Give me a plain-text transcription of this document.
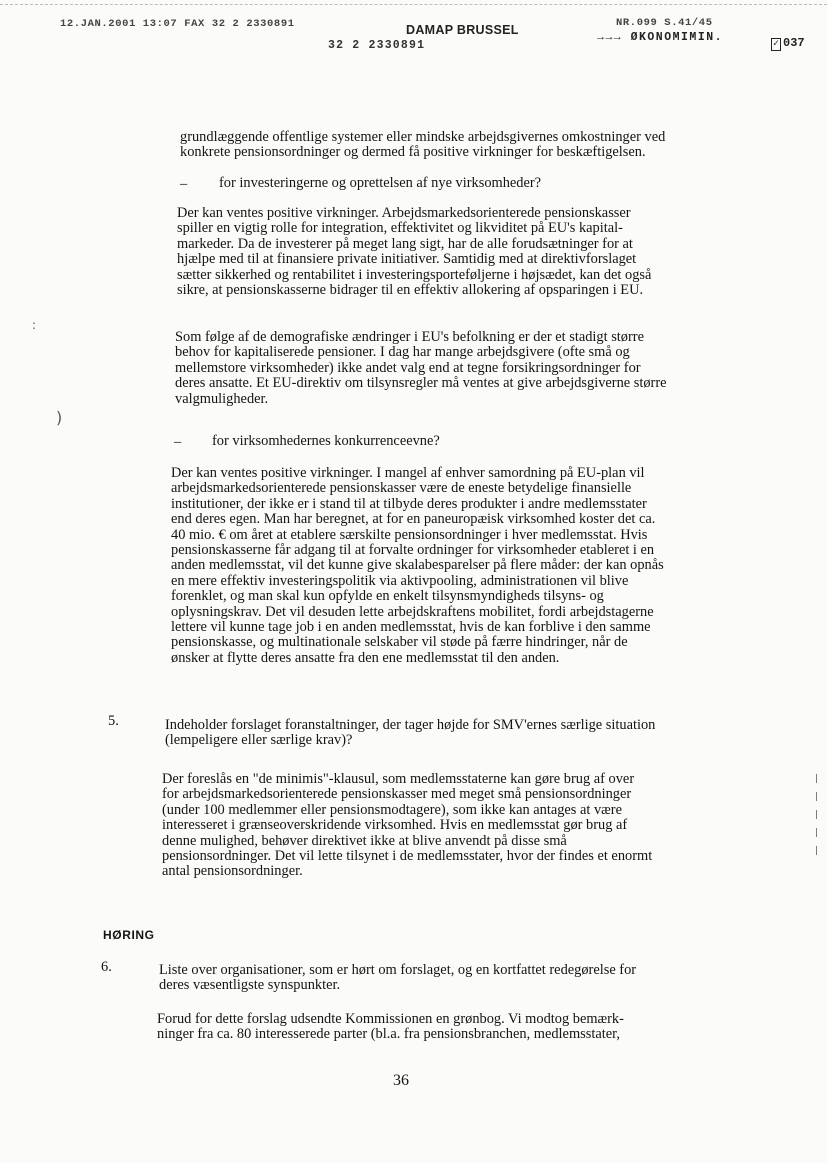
12.JAN.2001 13:07 FAX 32 2 2330891	DAMAP BRUSSEL	NR.099 S.41/45
→→→ ØKONOMIMIN.
32 2 2330891	✓ 037
grundlæggende offentlige systemer eller mindske arbejdsgivernes omkostninger ved
konkrete pensionsordninger og dermed få positive virkninger for beskæftigelsen.
– for investeringerne og oprettelsen af nye virksomheder?
Der kan ventes positive virkninger. Arbejdsmarkedsorienterede pensionskasser
spiller en vigtig rolle for integration, effektivitet og likviditet på EU's kapital-
markeder. Da de investerer på meget lang sigt, har de alle forudsætninger for at
hjælpe med til at finansiere private initiativer. Samtidig med at direktivforslaget
sætter sikkerhed og rentabilitet i investeringsporteføljerne i højsædet, kan det også
sikre, at pensionskasserne bidrager til en effektiv allokering af opsparingen i EU.
Som følge af de demografiske ændringer i EU's befolkning er der et stadigt større
behov for kapitaliserede pensioner. I dag har mange arbejdsgivere (ofte små og
mellemstore virksomheder) ikke andet valg end at tegne forsikringsordninger for
deres ansatte. Et EU-direktiv om tilsynsregler må ventes at give arbejdsgiverne større
valgmuligheder.
– for virksomhedernes konkurrenceevne?
Der kan ventes positive virkninger. I mangel af enhver samordning på EU-plan vil
arbejdsmarkedsorienterede pensionskasser være de eneste betydelige finansielle
institutioner, der ikke er i stand til at tilbyde deres produkter i andre medlemsstater
end deres egen. Man har beregnet, at for en paneuropæisk virksomhed koster det ca.
40 mio. € om året at etablere særskilte pensionsordninger i hver medlemsstat. Hvis
pensionskasserne får adgang til at forvalte ordninger for virksomheder etableret i en
anden medlemsstat, vil det kunne give skalabesparelser på flere måder: der kan opnås
en mere effektiv investeringspolitik via aktivpooling, administrationen vil blive
forenklet, og man skal kun opfylde en enkelt tilsynsmyndigheds tilsyns- og
oplysningskrav. Det vil desuden lette arbejdskraftens mobilitet, fordi arbejdstagerne
lettere vil kunne tage job i en anden medlemsstat, hvis de kan forblive i den samme
pensionskasse, og multinationale selskaber vil støde på færre hindringer, når de
ønsker at flytte deres ansatte fra den ene medlemsstat til den anden.
5.	Indeholder forslaget foranstaltninger, der tager højde for SMV'ernes særlige situation
(lempeligere eller særlige krav)?
Der foreslås en "de minimis"-klausul, som medlemsstaterne kan gøre brug af over
for arbejdsmarkedsorienterede pensionskasser med meget små pensionsordninger
(under 100 medlemmer eller pensionsmodtagere), som ikke kan antages at være
interesseret i grænseoverskridende virksomhed. Hvis en medlemsstat gør brug af
denne mulighed, behøver direktivet ikke at blive anvendt på disse små
pensionsordninger. Det vil lette tilsynet i de medlemsstater, hvor der findes et enormt
antal pensionsordninger.
HØRING
6.	Liste over organisationer, som er hørt om forslaget, og en kortfattet redegørelse for
deres væsentligste synspunkter.
Forud for dette forslag udsendte Kommissionen en grønbog. Vi modtog bemærk-
ninger fra ca. 80 interesserede parter (bl.a. fra pensionsbranchen, medlemsstater,
36
:
)
|
|
|
|
|
